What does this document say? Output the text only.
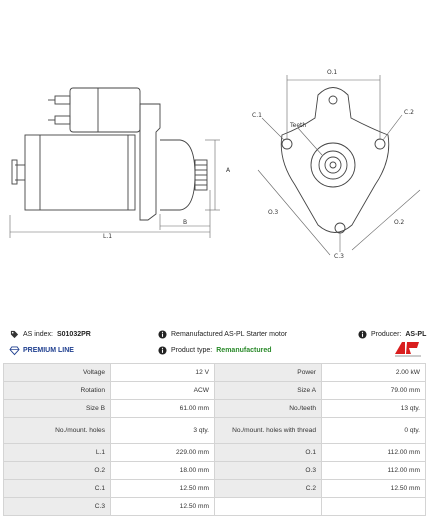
L.1
B
A
O.1
O.3
O.2
C.1	C.2
C.3
Teeth
AS index: S01032PR
PREMIUM LINE
Remanufactured AS-PL Starter motor
Product type: Remanufactured
Producer: AS-PL
Voltage	12 V	Power	2.00 kW
Rotation	ACW	Size A	79.00 mm
Size B	61.00 mm	No./teeth	13 qty.
No./mount. holes	3 qty.	No./mount. holes with thread	0 qty.
L.1	229.00 mm	O.1	112.00 mm
O.2	18.00 mm	O.3	112.00 mm
C.1	12.50 mm	C.2	12.50 mm
C.3	12.50 mm		
